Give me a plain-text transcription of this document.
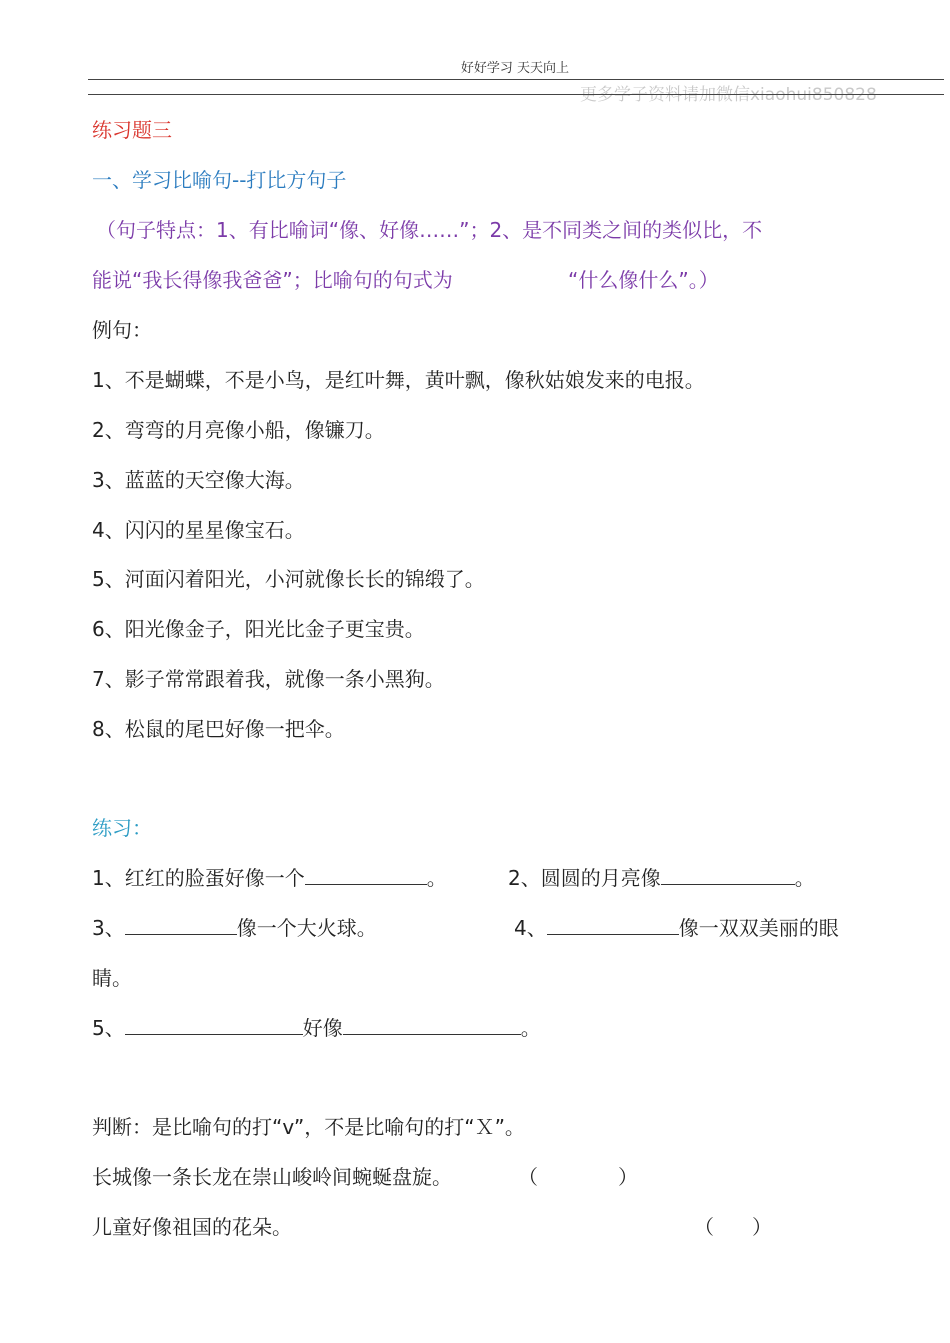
好好学习 天天向上
更多学子资料请加微信xiaohui850828
练习题三
一、学习比喻句--打比方句子
（句子特点：1、有比喻词“像、好像……”；2、是不同类之间的类似比，不
能说“我长得像我爸爸”；比喻句的句式为	“什么像什么”。）
例句：
1、不是蝴蝶，不是小鸟，是红叶舞，黄叶飘，像秋姑娘发来的电报。
2、弯弯的月亮像小船，像镰刀。
3、蓝蓝的天空像大海。
4、闪闪的星星像宝石。
5、河面闪着阳光，小河就像长长的锦缎了。
6、阳光像金子，阳光比金子更宝贵。
7、影子常常跟着我，就像一条小黑狗。
8、松鼠的尾巴好像一把伞。
练习：
1、红红的脸蛋好像一个	。	2、圆圆的月亮像	。
3、	像一个大火球。	4、	像一双双美丽的眼
睛。
5、	好像	。
判断：是比喻句的打“v”，不是比喻句的打“Ｘ”。
长城像一条长龙在崇山峻岭间蜿蜒盘旋。	（	）
儿童好像祖国的花朵。	（ ）
